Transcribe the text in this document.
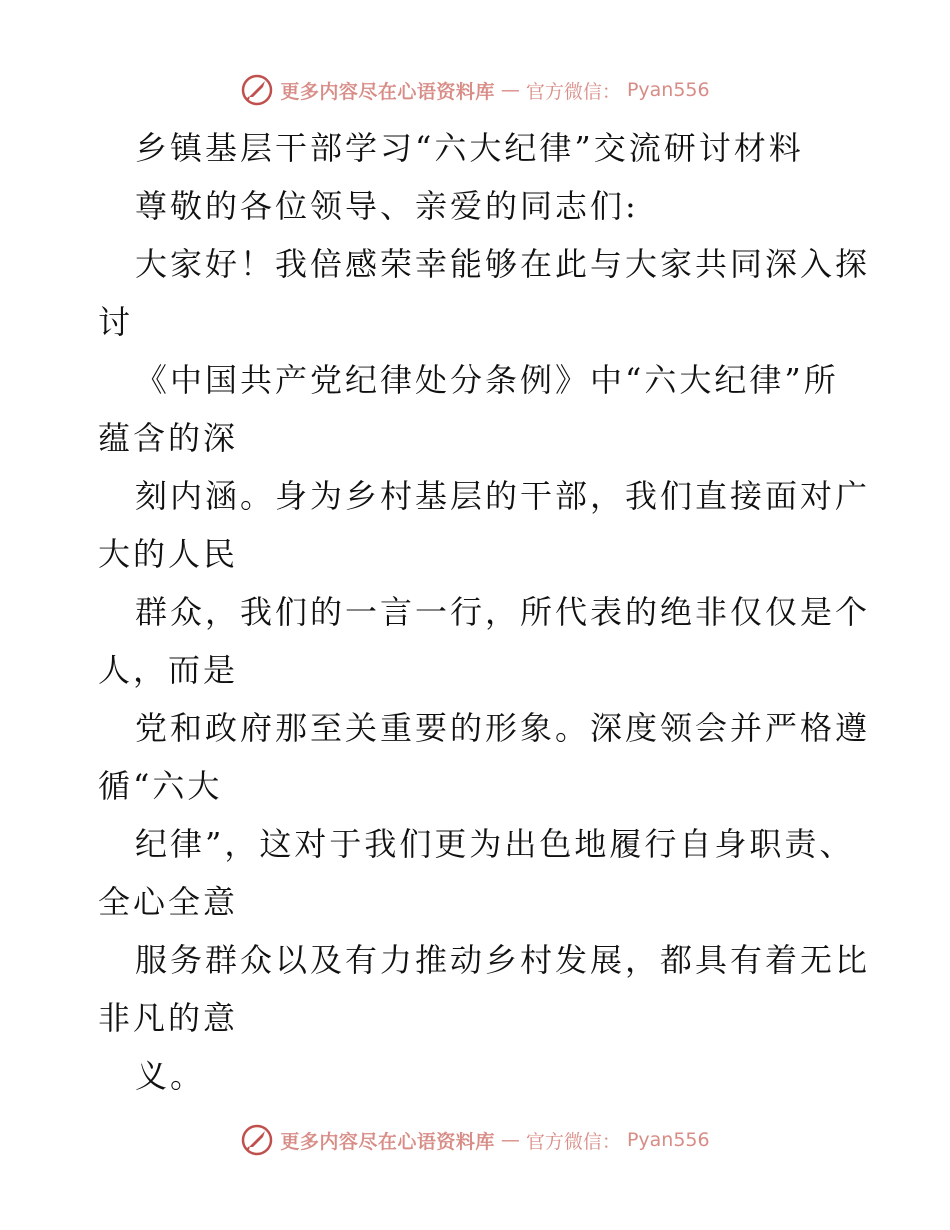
更多内容尽在心语资料库 — 官方微信： Pyan556
乡镇基层干部学习“六大纪律”交流研讨材料
尊敬的各位领导、亲爱的同志们:
大家好！我倍感荣幸能够在此与大家共同深入探
讨
《中国共产党纪律处分条例》中“六大纪律”所
蕴含的深
刻内涵。身为乡村基层的干部，我们直接面对广
大的人民
群众，我们的一言一行，所代表的绝非仅仅是个
人，而是
党和政府那至关重要的形象。深度领会并严格遵
循“六大
纪律”，这对于我们更为出色地履行自身职责、
全心全意
服务群众以及有力推动乡村发展，都具有着无比
非凡的意
义。
更多内容尽在心语资料库 — 官方微信： Pyan556
